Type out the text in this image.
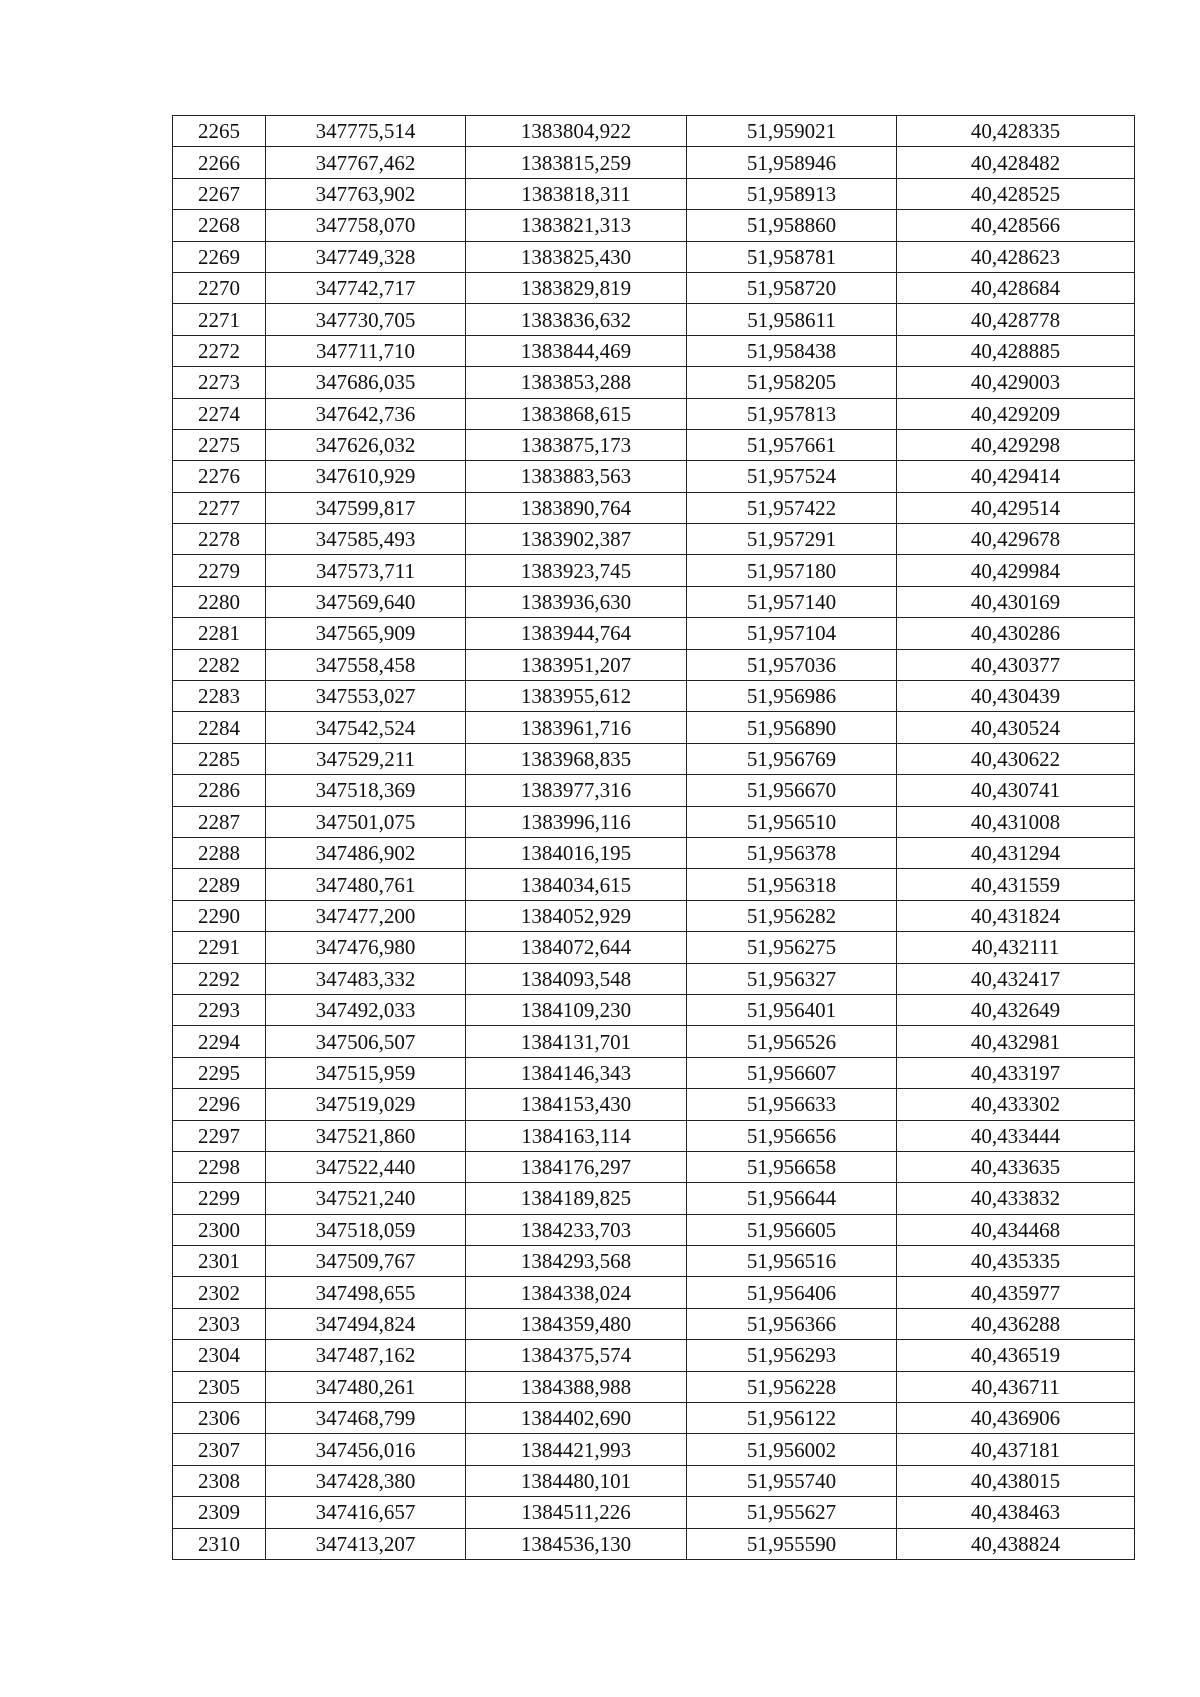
2265	347775,514	1383804,922	51,959021	40,428335
2266	347767,462	1383815,259	51,958946	40,428482
2267	347763,902	1383818,311	51,958913	40,428525
2268	347758,070	1383821,313	51,958860	40,428566
2269	347749,328	1383825,430	51,958781	40,428623
2270	347742,717	1383829,819	51,958720	40,428684
2271	347730,705	1383836,632	51,958611	40,428778
2272	347711,710	1383844,469	51,958438	40,428885
2273	347686,035	1383853,288	51,958205	40,429003
2274	347642,736	1383868,615	51,957813	40,429209
2275	347626,032	1383875,173	51,957661	40,429298
2276	347610,929	1383883,563	51,957524	40,429414
2277	347599,817	1383890,764	51,957422	40,429514
2278	347585,493	1383902,387	51,957291	40,429678
2279	347573,711	1383923,745	51,957180	40,429984
2280	347569,640	1383936,630	51,957140	40,430169
2281	347565,909	1383944,764	51,957104	40,430286
2282	347558,458	1383951,207	51,957036	40,430377
2283	347553,027	1383955,612	51,956986	40,430439
2284	347542,524	1383961,716	51,956890	40,430524
2285	347529,211	1383968,835	51,956769	40,430622
2286	347518,369	1383977,316	51,956670	40,430741
2287	347501,075	1383996,116	51,956510	40,431008
2288	347486,902	1384016,195	51,956378	40,431294
2289	347480,761	1384034,615	51,956318	40,431559
2290	347477,200	1384052,929	51,956282	40,431824
2291	347476,980	1384072,644	51,956275	40,432111
2292	347483,332	1384093,548	51,956327	40,432417
2293	347492,033	1384109,230	51,956401	40,432649
2294	347506,507	1384131,701	51,956526	40,432981
2295	347515,959	1384146,343	51,956607	40,433197
2296	347519,029	1384153,430	51,956633	40,433302
2297	347521,860	1384163,114	51,956656	40,433444
2298	347522,440	1384176,297	51,956658	40,433635
2299	347521,240	1384189,825	51,956644	40,433832
2300	347518,059	1384233,703	51,956605	40,434468
2301	347509,767	1384293,568	51,956516	40,435335
2302	347498,655	1384338,024	51,956406	40,435977
2303	347494,824	1384359,480	51,956366	40,436288
2304	347487,162	1384375,574	51,956293	40,436519
2305	347480,261	1384388,988	51,956228	40,436711
2306	347468,799	1384402,690	51,956122	40,436906
2307	347456,016	1384421,993	51,956002	40,437181
2308	347428,380	1384480,101	51,955740	40,438015
2309	347416,657	1384511,226	51,955627	40,438463
2310	347413,207	1384536,130	51,955590	40,438824
